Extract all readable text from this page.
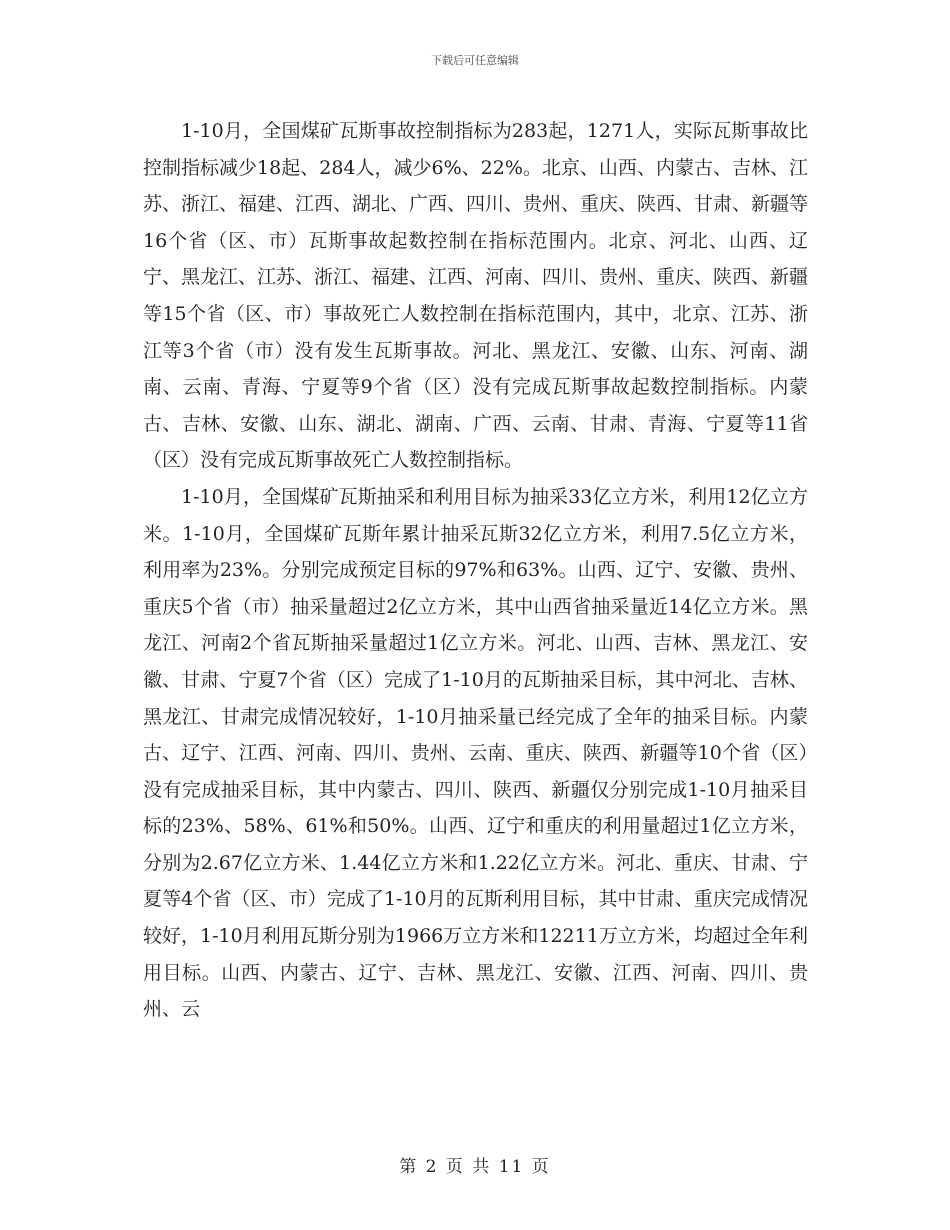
下载后可任意编辑

1-10月，全国煤矿瓦斯事故控制指标为283起，1271人，实际瓦斯事故比控制指标减少18起、284人，减少6%、22%。北京、山西、内蒙古、吉林、江苏、浙江、福建、江西、湖北、广西、四川、贵州、重庆、陕西、甘肃、新疆等16个省（区、市）瓦斯事故起数控制在指标范围内。北京、河北、山西、辽宁、黑龙江、江苏、浙江、福建、江西、河南、四川、贵州、重庆、陕西、新疆等15个省（区、市）事故死亡人数控制在指标范围内，其中，北京、江苏、浙江等3个省（市）没有发生瓦斯事故。河北、黑龙江、安徽、山东、河南、湖南、云南、青海、宁夏等9个省（区）没有完成瓦斯事故起数控制指标。内蒙古、吉林、安徽、山东、湖北、湖南、广西、云南、甘肃、青海、宁夏等11省（区）没有完成瓦斯事故死亡人数控制指标。

1-10月，全国煤矿瓦斯抽采和利用目标为抽采33亿立方米，利用12亿立方米。1-10月，全国煤矿瓦斯年累计抽采瓦斯32亿立方米，利用7.5亿立方米，利用率为23%。分别完成预定目标的97%和63%。山西、辽宁、安徽、贵州、重庆5个省（市）抽采量超过2亿立方米，其中山西省抽采量近14亿立方米。黑龙江、河南2个省瓦斯抽采量超过1亿立方米。河北、山西、吉林、黑龙江、安徽、甘肃、宁夏7个省（区）完成了1-10月的瓦斯抽采目标，其中河北、吉林、黑龙江、甘肃完成情况较好，1-10月抽采量已经完成了全年的抽采目标。内蒙古、辽宁、江西、河南、四川、贵州、云南、重庆、陕西、新疆等10个省（区）没有完成抽采目标，其中内蒙古、四川、陕西、新疆仅分别完成1-10月抽采目标的23%、58%、61%和50%。山西、辽宁和重庆的利用量超过1亿立方米，分别为2.67亿立方米、1.44亿立方米和1.22亿立方米。河北、重庆、甘肃、宁夏等4个省（区、市）完成了1-10月的瓦斯利用目标，其中甘肃、重庆完成情况较好，1-10月利用瓦斯分别为1966万立方米和12211万立方米，均超过全年利用目标。山西、内蒙古、辽宁、吉林、黑龙江、安徽、江西、河南、四川、贵州、云

第 2 页 共 11 页
